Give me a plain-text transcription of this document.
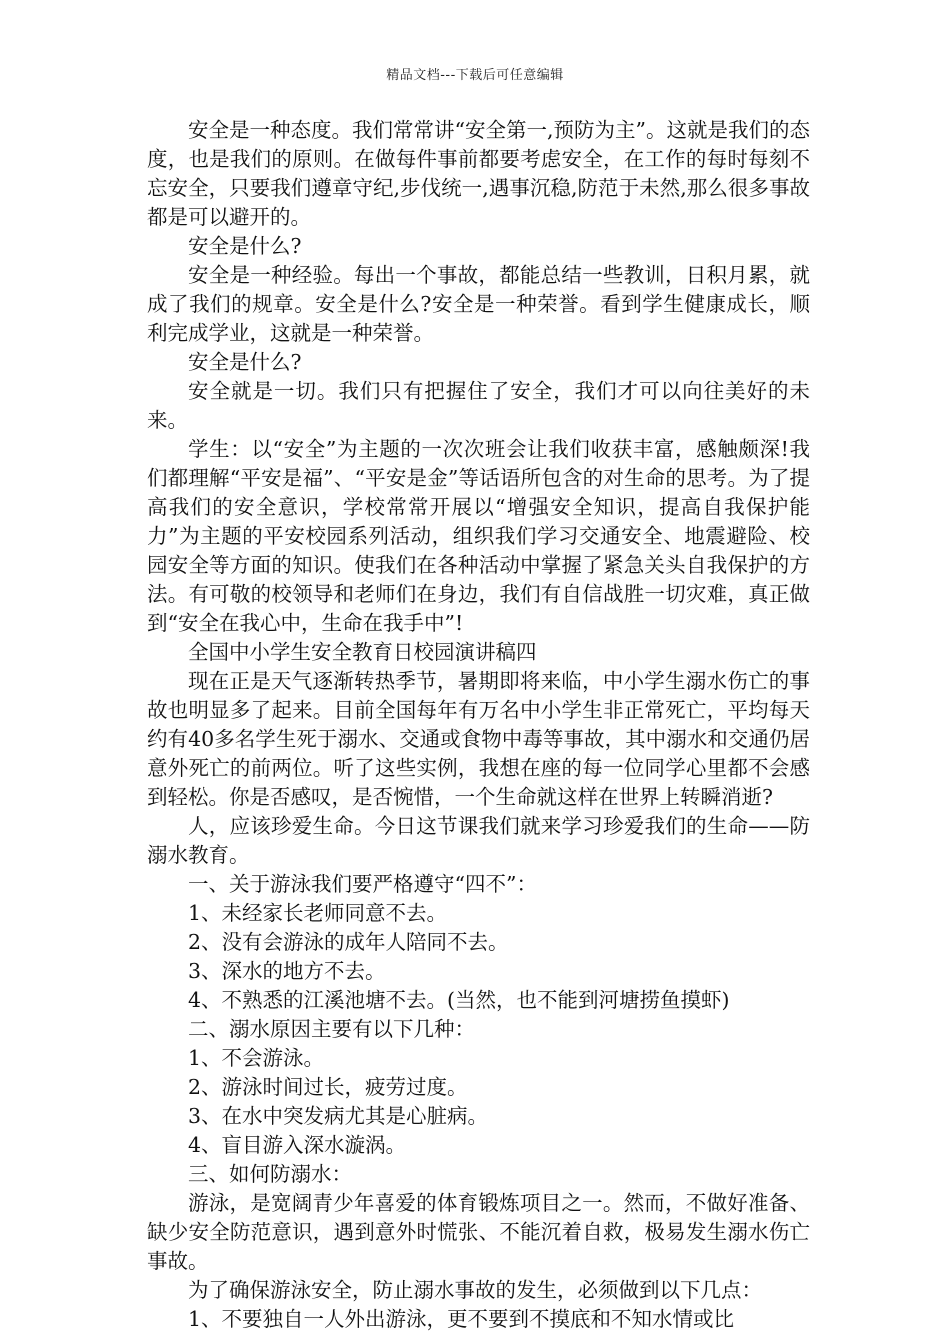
精品文档---下载后可任意编辑

安全是一种态度。我们常常讲“安全第一,预防为主”。这就是我们的态度，也是我们的原则。在做每件事前都要考虑安全，在工作的每时每刻不忘安全，只要我们遵章守纪,步伐统一,遇事沉稳,防范于未然,那么很多事故都是可以避开的。

安全是什么?

安全是一种经验。每出一个事故，都能总结一些教训，日积月累，就成了我们的规章。安全是什么?安全是一种荣誉。看到学生健康成长，顺利完成学业，这就是一种荣誉。

安全是什么?

安全就是一切。我们只有把握住了安全，我们才可以向往美好的未来。

学生：以“安全”为主题的一次次班会让我们收获丰富，感触颇深!我们都理解“平安是福”、“平安是金”等话语所包含的对生命的思考。为了提高我们的安全意识，学校常常开展以“增强安全知识，提高自我保护能力”为主题的平安校园系列活动，组织我们学习交通安全、地震避险、校园安全等方面的知识。使我们在各种活动中掌握了紧急关头自我保护的方法。有可敬的校领导和老师们在身边，我们有自信战胜一切灾难，真正做到“安全在我心中，生命在我手中”!

全国中小学生安全教育日校园演讲稿四

现在正是天气逐渐转热季节，暑期即将来临，中小学生溺水伤亡的事故也明显多了起来。目前全国每年有万名中小学生非正常死亡，平均每天约有40多名学生死于溺水、交通或食物中毒等事故，其中溺水和交通仍居意外死亡的前两位。听了这些实例，我想在座的每一位同学心里都不会感到轻松。你是否感叹，是否惋惜，一个生命就这样在世界上转瞬消逝?

人，应该珍爱生命。今日这节课我们就来学习珍爱我们的生命——防溺水教育。

一、关于游泳我们要严格遵守“四不”：

1、未经家长老师同意不去。

2、没有会游泳的成年人陪同不去。

3、深水的地方不去。

4、不熟悉的江溪池塘不去。(当然，也不能到河塘捞鱼摸虾)

二、溺水原因主要有以下几种：

1、不会游泳。

2、游泳时间过长，疲劳过度。

3、在水中突发病尤其是心脏病。

4、盲目游入深水漩涡。

三、如何防溺水：

游泳，是宽阔青少年喜爱的体育锻炼项目之一。然而，不做好准备、缺少安全防范意识，遇到意外时慌张、不能沉着自救，极易发生溺水伤亡事故。

为了确保游泳安全，防止溺水事故的发生，必须做到以下几点：

1、不要独自一人外出游泳，更不要到不摸底和不知水情或比
